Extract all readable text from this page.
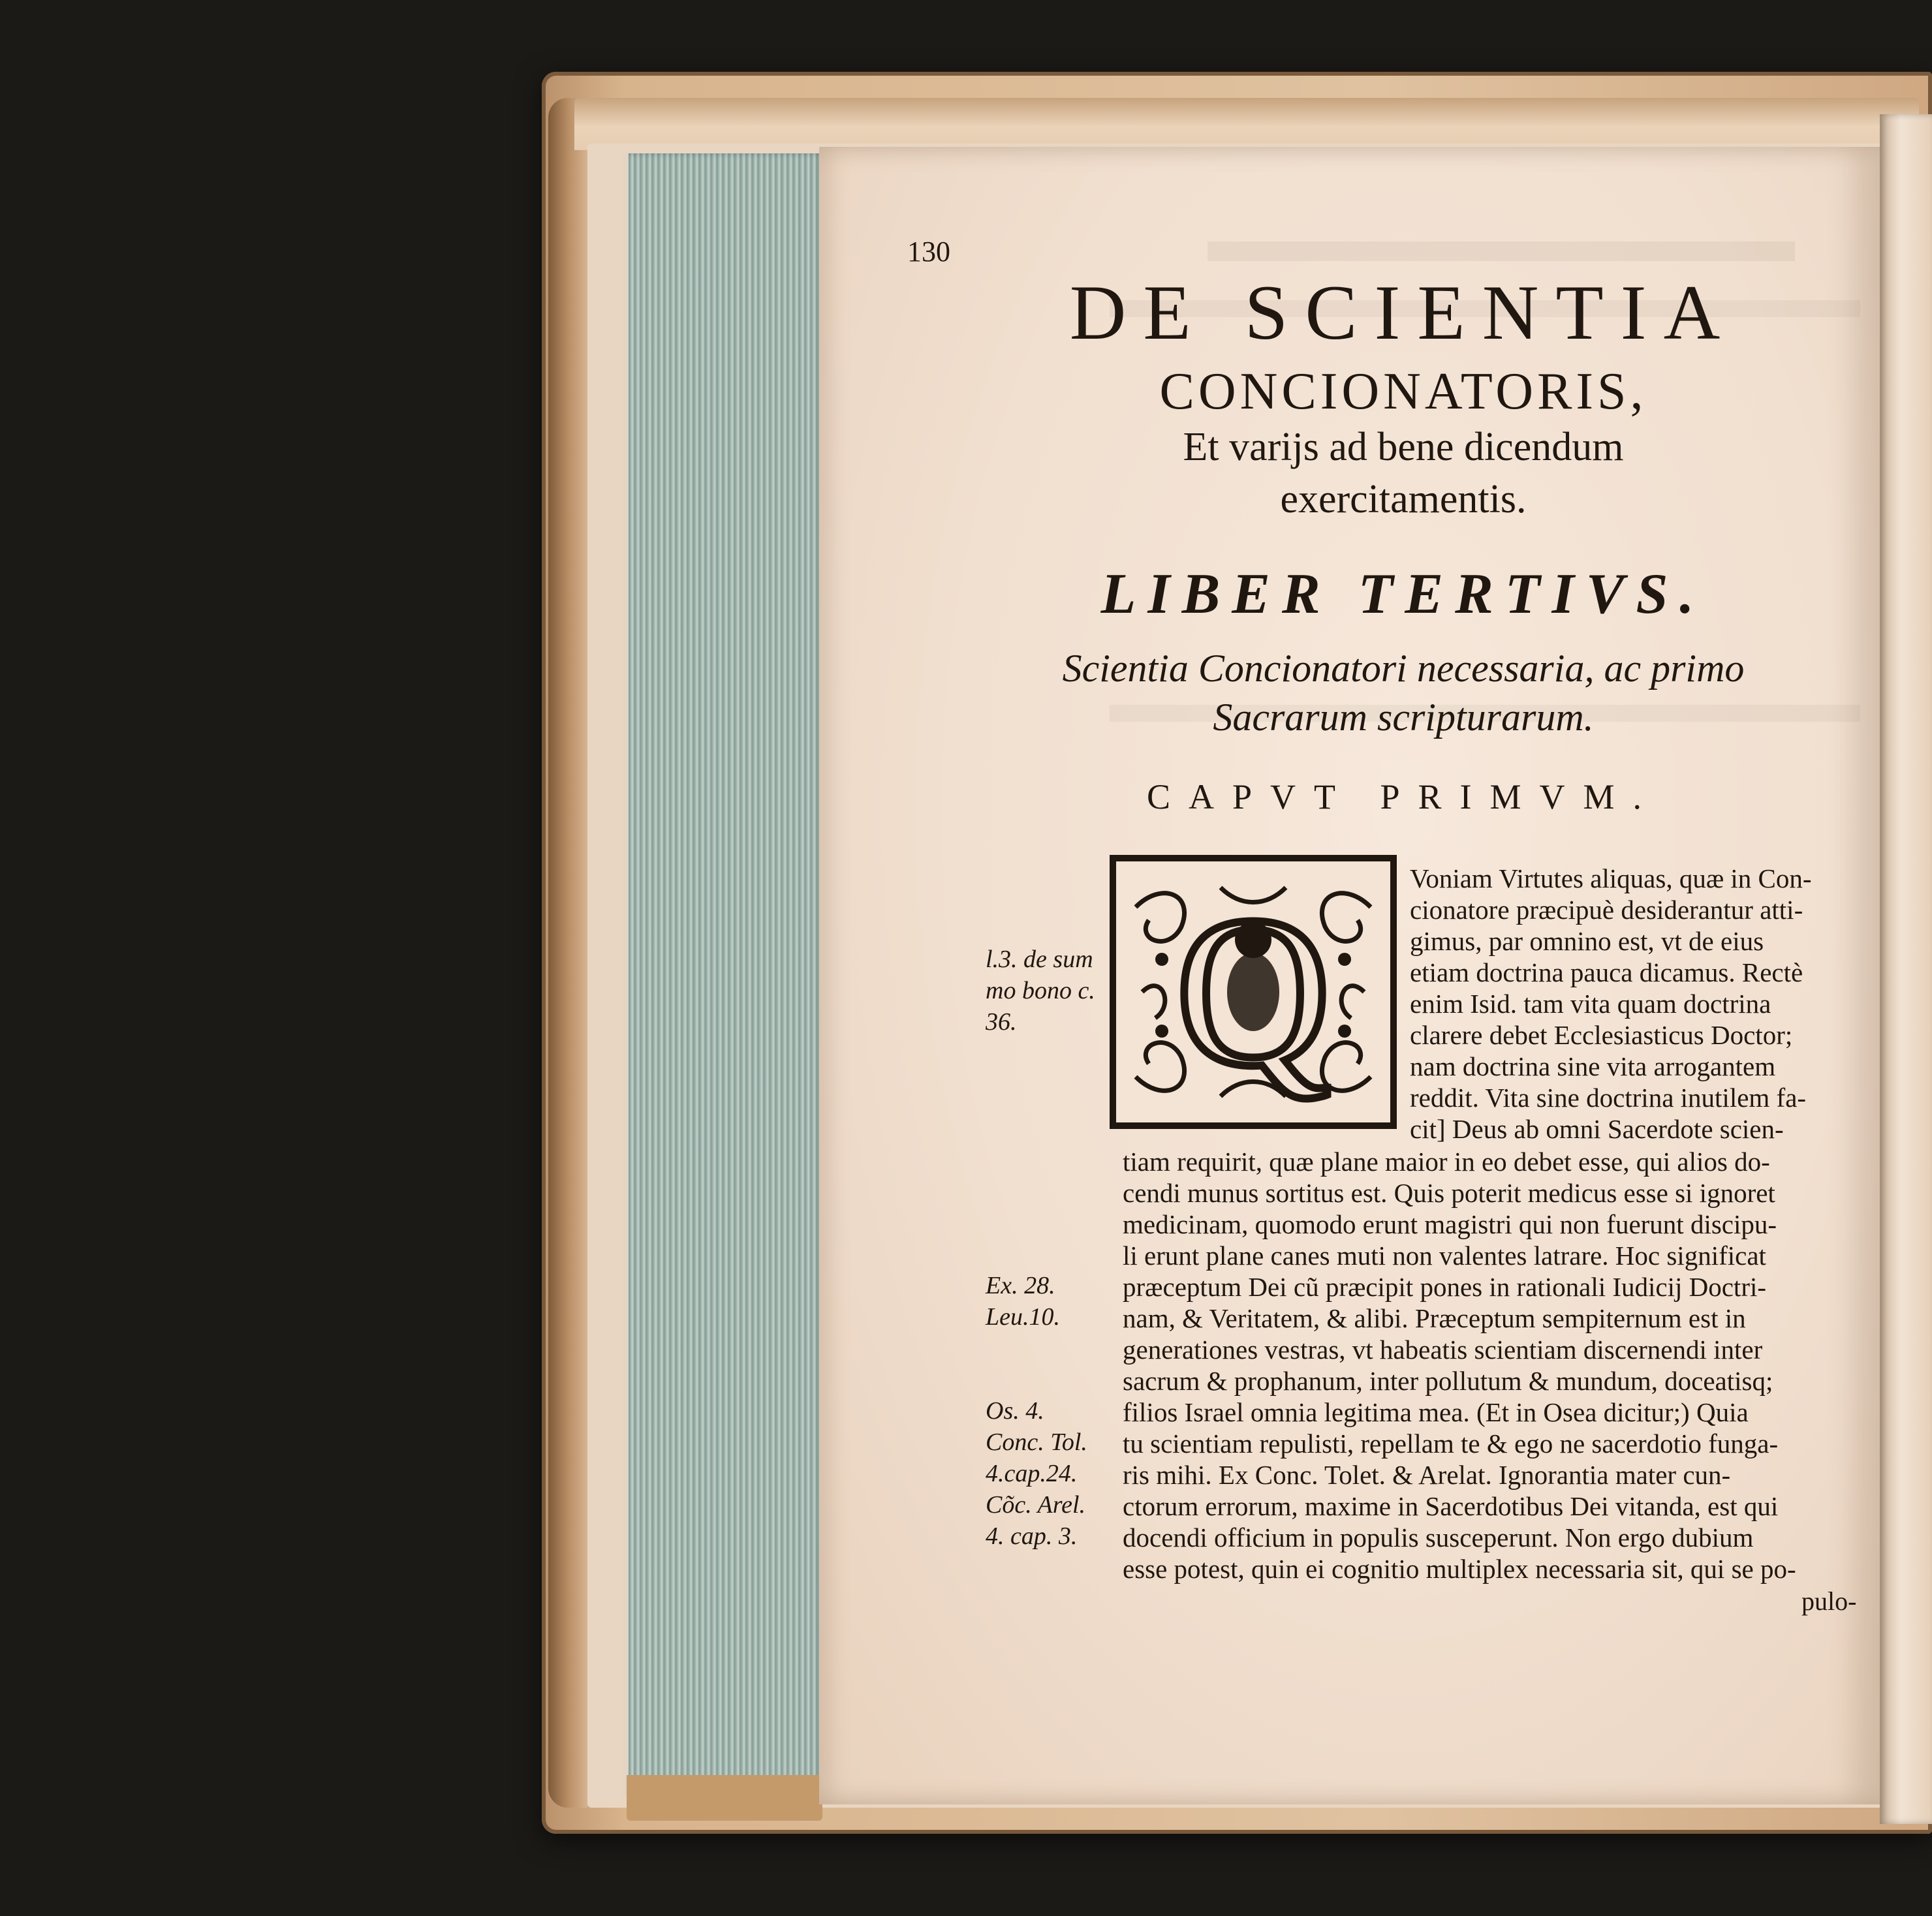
130
DE SCIENTIA
CONCIONATORIS,
Et varijs ad bene dicendum
exercitamentis.
LIBER TERTIVS.
Scientia Concionatori necessaria, ac primo
Sacrarum scripturarum.
CAPVT PRIMVM.
Q	Voniam Virtutes aliquas, quæ in Con-
cionatore præcipuè desiderantur atti-
gimus, par omnino est, vt de eius
etiam doctrina pauca dicamus. Rectè
enim Isid. tam vita quam doctrina
clarere debet Ecclesiasticus Doctor;
nam doctrina sine vita arrogantem
reddit. Vita sine doctrina inutilem fa-
cit] Deus ab omni Sacerdote scien-
tiam requirit, quæ plane maior in eo debet esse, qui alios do-
cendi munus sortitus est. Quis poterit medicus esse si ignoret
medicinam, quomodo erunt magistri qui non fuerunt discipu-
li erunt plane canes muti non valentes latrare. Hoc significat
præceptum Dei cũ præcipit pones in rationali Iudicij Doctri-
nam, & Veritatem, & alibi. Præceptum sempiternum est in
generationes vestras, vt habeatis scientiam discernendi inter
sacrum & prophanum, inter pollutum & mundum, doceatisq;
filios Israel omnia legitima mea. (Et in Osea dicitur;) Quia
tu scientiam repulisti, repellam te & ego ne sacerdotio funga-
ris mihi. Ex Conc. Tolet. & Arelat. Ignorantia mater cun-
ctorum errorum, maxime in Sacerdotibus Dei vitanda, est qui
docendi officium in populis susceperunt. Non ergo dubium
esse potest, quin ei cognitio multiplex necessaria sit, qui se po-
pulo-
l.3. de sum
mo bono c.
36.
Ex. 28.
Leu.10.
Os. 4.
Conc. Tol.
4.cap.24.
Cõc. Arel.
4. cap. 3.
